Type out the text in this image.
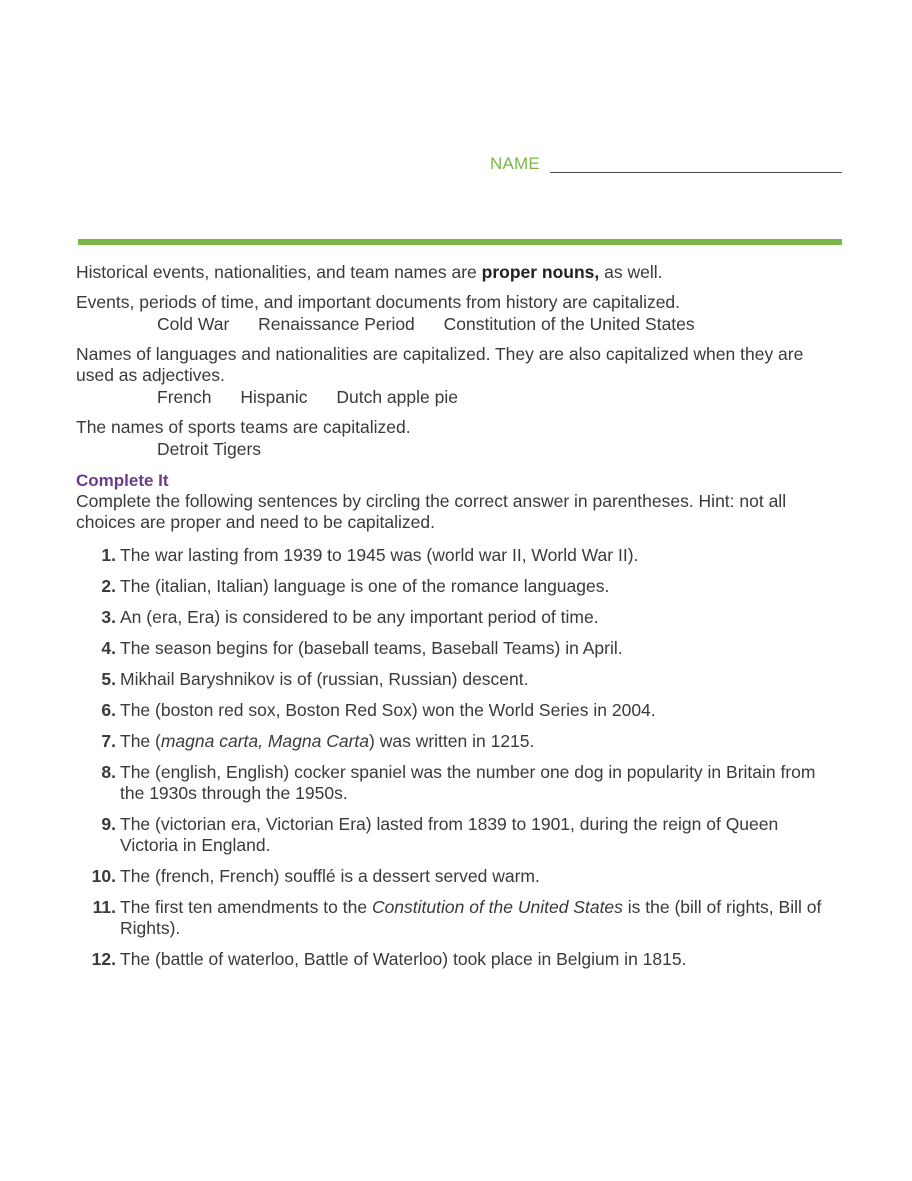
NAME

Historical events, nationalities, and team names are proper nouns, as well.

Events, periods of time, and important documents from history are capitalized.

Cold War Renaissance Period Constitution of the United States

Names of languages and nationalities are capitalized. They are also capitalized when they are used as adjectives.

French Hispanic Dutch apple pie

The names of sports teams are capitalized.

Detroit Tigers
Complete It

Complete the following sentences by circling the correct answer in parentheses. Hint: not all choices are proper and need to be capitalized.

1. The war lasting from 1939 to 1945 was (world war II, World War II).
2. The (italian, Italian) language is one of the romance languages.
3. An (era, Era) is considered to be any important period of time.
4. The season begins for (baseball teams, Baseball Teams) in April.
5. Mikhail Baryshnikov is of (russian, Russian) descent.
6. The (boston red sox, Boston Red Sox) won the World Series in 2004.
7. The (magna carta, Magna Carta) was written in 1215.
8. The (english, English) cocker spaniel was the number one dog in popularity in Britain from the 1930s through the 1950s.
9. The (victorian era, Victorian Era) lasted from 1839 to 1901, during the reign of Queen Victoria in England.
10. The (french, French) soufflé is a dessert served warm.
11. The first ten amendments to the Constitution of the United States is the (bill of rights, Bill of Rights).
12. The (battle of waterloo, Battle of Waterloo) took place in Belgium in 1815.
